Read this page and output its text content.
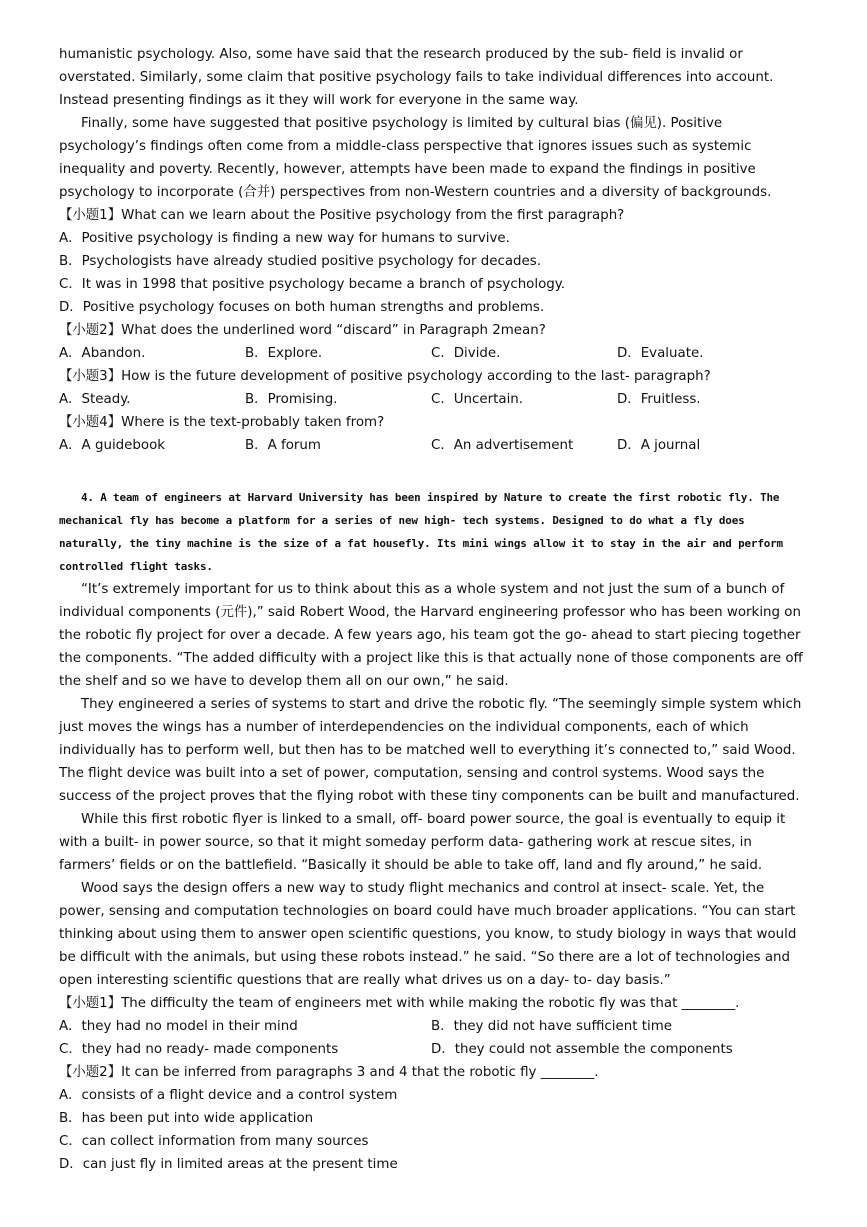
humanistic psychology. Also, some have said that the research produced by the sub- field is invalid or overstated. Similarly, some claim that positive psychology fails to take individual differences into account. Instead presenting findings as it they will work for everyone in the same way.

Finally, some have suggested that positive psychology is limited by cultural bias (偏见). Positive psychology’s findings often come from a middle-class perspective that ignores issues such as systemic inequality and poverty. Recently, however, attempts have been made to expand the findings in positive psychology to incorporate (合并) perspectives from non-Western countries and a diversity of backgrounds.

【小题1】What can we learn about the Positive psychology from the first paragraph?

A．Positive psychology is finding a new way for humans to survive.

B．Psychologists have already studied positive psychology for decades.

C．It was in 1998 that positive psychology became a branch of psychology.

D．Positive psychology focuses on both human strengths and problems.

【小题2】What does the underlined word “discard” in Paragraph 2mean?

A．Abandon.	B．Explore.	C．Divide.	D．Evaluate.

【小题3】How is the future development of positive psychology according to the last- paragraph?

A．Steady.	B．Promising.	C．Uncertain.	D．Fruitless.

【小题4】Where is the text-probably taken from?

A．A guidebook	B．A forum	C．An advertisement	D．A journal

4. A team of engineers at Harvard University has been inspired by Nature to create the first robotic fly. The mechanical fly has become a platform for a series of new high- tech systems. Designed to do what a fly does naturally, the tiny machine is the size of a fat housefly. Its mini wings allow it to stay in the air and perform controlled flight tasks.

“It’s extremely important for us to think about this as a whole system and not just the sum of a bunch of individual components (元件),” said Robert Wood, the Harvard engineering professor who has been working on the robotic fly project for over a decade. A few years ago, his team got the go- ahead to start piecing together the components. “The added difficulty with a project like this is that actually none of those components are off the shelf and so we have to develop them all on our own,” he said.

They engineered a series of systems to start and drive the robotic fly. “The seemingly simple system which just moves the wings has a number of interdependencies on the individual components, each of which individually has to perform well, but then has to be matched well to everything it’s connected to,” said Wood. The flight device was built into a set of power, computation, sensing and control systems. Wood says the success of the project proves that the flying robot with these tiny components can be built and manufactured.

While this first robotic flyer is linked to a small, off- board power source, the goal is eventually to equip it with a built- in power source, so that it might someday perform data- gathering work at rescue sites, in farmers’ fields or on the battlefield. “Basically it should be able to take off, land and fly around,” he said.

Wood says the design offers a new way to study flight mechanics and control at insect- scale. Yet, the power, sensing and computation technologies on board could have much broader applications. “You can start thinking about using them to answer open scientific questions, you know, to study biology in ways that would be difficult with the animals, but using these robots instead.” he said. “So there are a lot of technologies and open interesting scientific questions that are really what drives us on a day- to- day basis.”

【小题1】The difficulty the team of engineers met with while making the robotic fly was that ________.

A．they had no model in their mind	B．they did not have sufficient time
C．they had no ready- made components	D．they could not assemble the components

【小题2】It can be inferred from paragraphs 3 and 4 that the robotic fly ________.

A．consists of a flight device and a control system

B．has been put into wide application

C．can collect information from many sources

D．can just fly in limited areas at the present time
